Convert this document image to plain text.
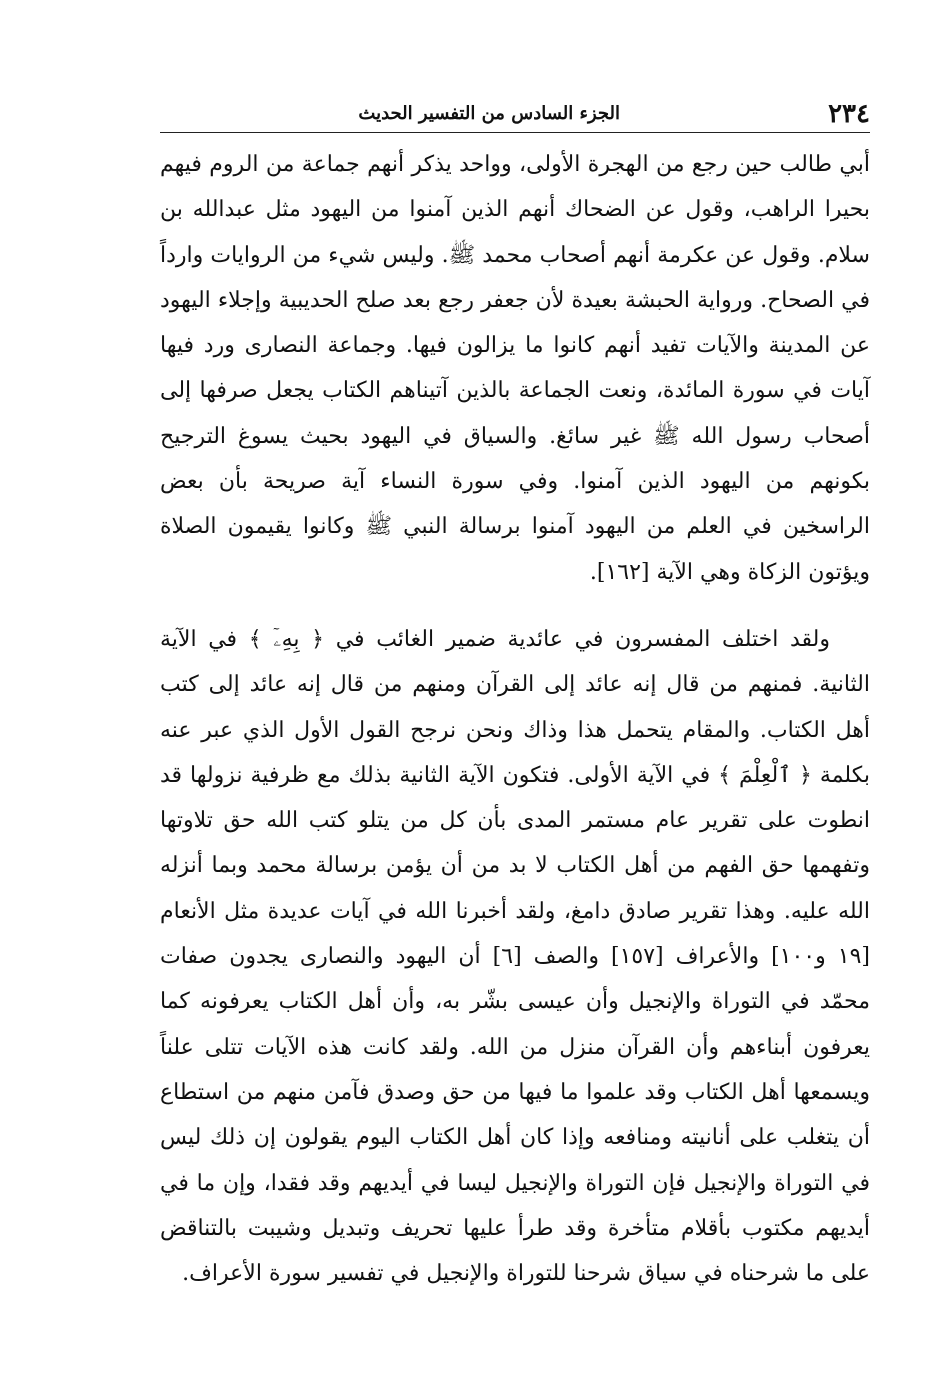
٢٣٤
الجزء السادس من التفسير الحديث

أبي طالب حين رجع من الهجرة الأولى، وواحد يذكر أنهم جماعة من الروم فيهم بحيرا الراهب، وقول عن الضحاك أنهم الذين آمنوا من اليهود مثل عبدالله بن سلام. وقول عن عكرمة أنهم أصحاب محمد ﷺ. وليس شيء من الروايات وارداً في الصحاح. ورواية الحبشة بعيدة لأن جعفر رجع بعد صلح الحديبية وإجلاء اليهود عن المدينة والآيات تفيد أنهم كانوا ما يزالون فيها. وجماعة النصارى ورد فيها آيات في سورة المائدة، ونعت الجماعة بالذين آتيناهم الكتاب يجعل صرفها إلى أصحاب رسول الله ﷺ غير سائغ. والسياق في اليهود بحيث يسوغ الترجيح بكونهم من اليهود الذين آمنوا. وفي سورة النساء آية صريحة بأن بعض الراسخين في العلم من اليهود آمنوا برسالة النبي ﷺ وكانوا يقيمون الصلاة ويؤتون الزكاة وهي الآية [١٦٢].

ولقد اختلف المفسرون في عائدية ضمير الغائب في ﴿ بِهِۦٓ ﴾ في الآية الثانية. فمنهم من قال إنه عائد إلى القرآن ومنهم من قال إنه عائد إلى كتب أهل الكتاب. والمقام يتحمل هذا وذاك ونحن نرجح القول الأول الذي عبر عنه بكلمة ﴿ ٱلْعِلْمَ ﴾ في الآية الأولى. فتكون الآية الثانية بذلك مع ظرفية نزولها قد انطوت على تقرير عام مستمر المدى بأن كل من يتلو كتب الله حق تلاوتها وتفهمها حق الفهم من أهل الكتاب لا بد من أن يؤمن برسالة محمد وبما أنزله الله عليه. وهذا تقرير صادق دامغ، ولقد أخبرنا الله في آيات عديدة مثل الأنعام [١٩ و١٠٠] والأعراف [١٥٧] والصف [٦] أن اليهود والنصارى يجدون صفات محمّد في التوراة والإنجيل وأن عيسى بشّر به، وأن أهل الكتاب يعرفونه كما يعرفون أبناءهم وأن القرآن منزل من الله. ولقد كانت هذه الآيات تتلى علناً ويسمعها أهل الكتاب وقد علموا ما فيها من حق وصدق فآمن منهم من استطاع أن يتغلب على أنانيته ومنافعه وإذا كان أهل الكتاب اليوم يقولون إن ذلك ليس في التوراة والإنجيل فإن التوراة والإنجيل ليسا في أيديهم وقد فقدا، وإن ما في أيديهم مكتوب بأقلام متأخرة وقد طرأ عليها تحريف وتبديل وشيبت بالتناقض على ما شرحناه في سياق شرحنا للتوراة والإنجيل في تفسير سورة الأعراف.
